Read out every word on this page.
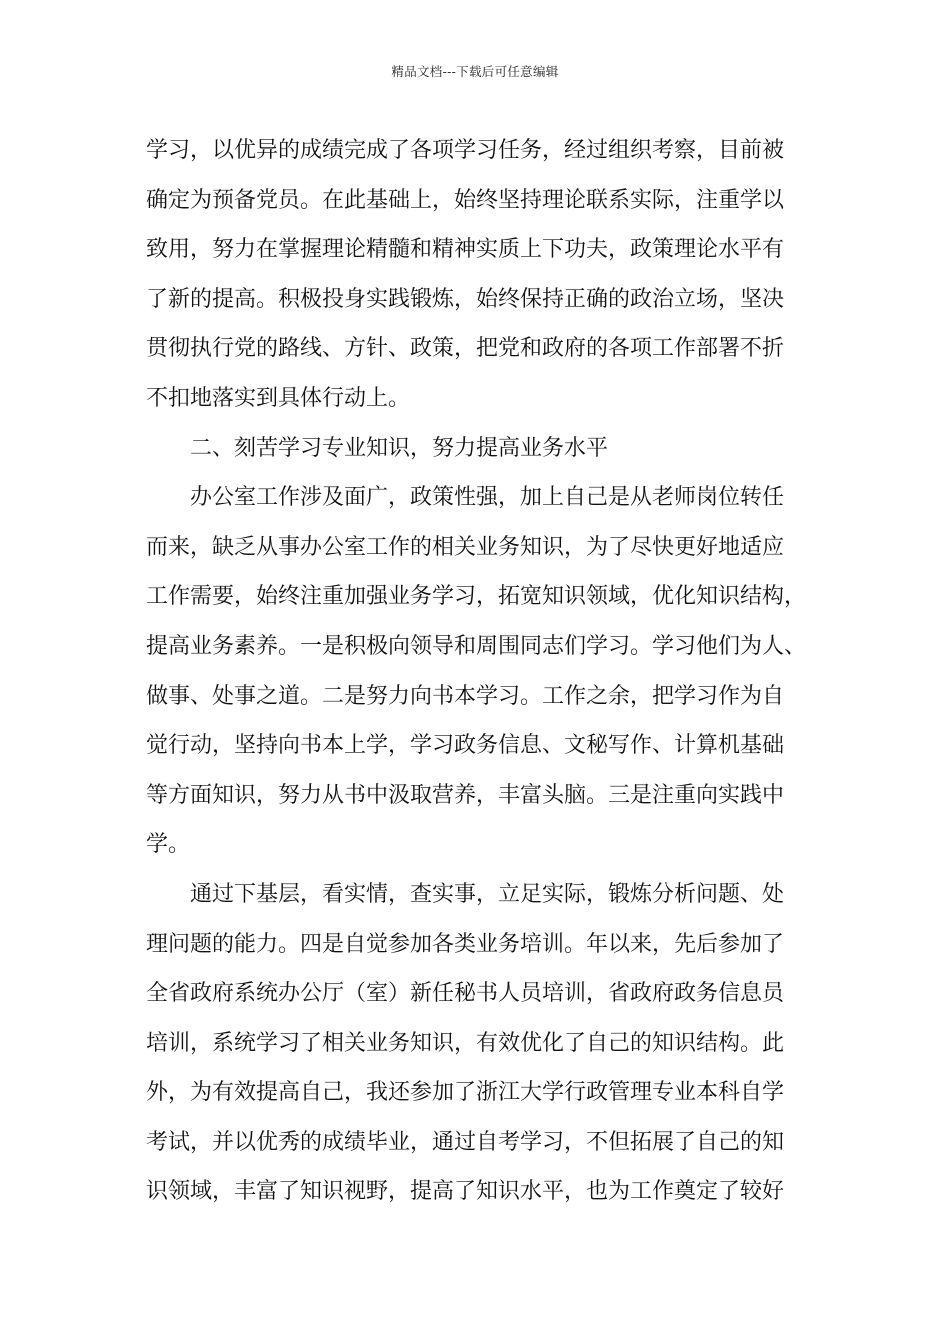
精品文档---下载后可任意编辑
学习，以优异的成绩完成了各项学习任务，经过组织考察，目前被
确定为预备党员。在此基础上，始终坚持理论联系实际，注重学以
致用，努力在掌握理论精髓和精神实质上下功夫，政策理论水平有
了新的提高。积极投身实践锻炼，始终保持正确的政治立场，坚决
贯彻执行党的路线、方针、政策，把党和政府的各项工作部署不折
不扣地落实到具体行动上。
二、刻苦学习专业知识，努力提高业务水平
办公室工作涉及面广，政策性强，加上自己是从老师岗位转任
而来，缺乏从事办公室工作的相关业务知识，为了尽快更好地适应
工作需要，始终注重加强业务学习，拓宽知识领域，优化知识结构，
提高业务素养。一是积极向领导和周围同志们学习。学习他们为人、
做事、处事之道。二是努力向书本学习。工作之余，把学习作为自
觉行动，坚持向书本上学，学习政务信息、文秘写作、计算机基础
等方面知识，努力从书中汲取营养，丰富头脑。三是注重向实践中
学。
通过下基层，看实情，查实事，立足实际，锻炼分析问题、处
理问题的能力。四是自觉参加各类业务培训。年以来，先后参加了
全省政府系统办公厅（室）新任秘书人员培训，省政府政务信息员
培训，系统学习了相关业务知识，有效优化了自己的知识结构。此
外，为有效提高自己，我还参加了浙江大学行政管理专业本科自学
考试，并以优秀的成绩毕业，通过自考学习，不但拓展了自己的知
识领域，丰富了知识视野，提高了知识水平，也为工作奠定了较好
